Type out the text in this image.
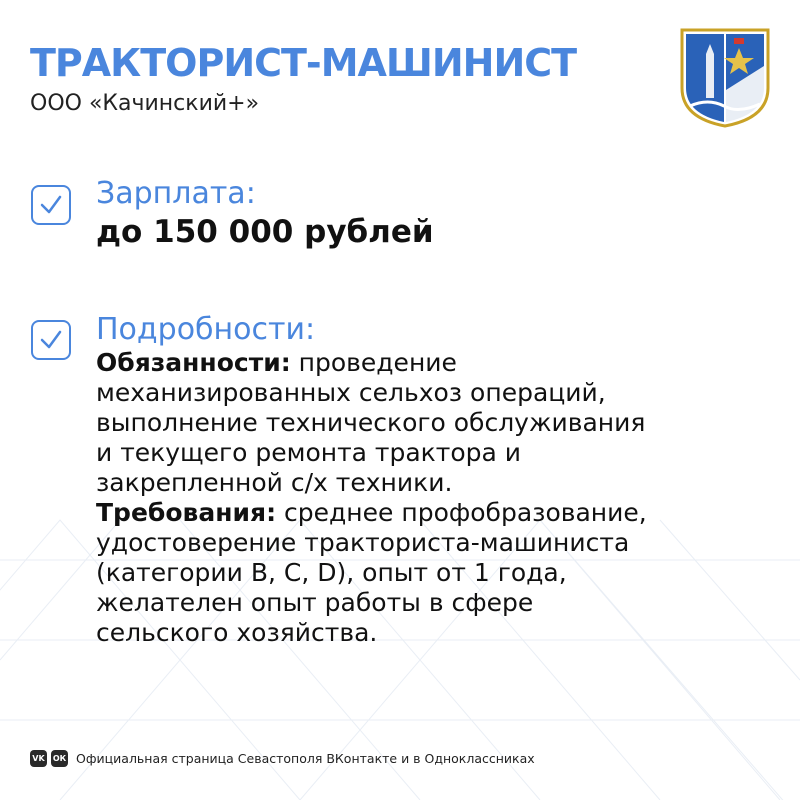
ТРАКТОРИСТ-МАШИНИСТ
ООО «Качинский+»
Зарплата:
до 150 000 рублей
Подробности:
Обязанности: проведение
механизированных сельхоз операций,
выполнение технического обслуживания
и текущего ремонта трактора и
закрепленной с/х техники.
Требования: среднее профобразование,
удостоверение тракториста-машиниста
(категории B, C, D), опыт от 1 года,
желателен опыт работы в сфере
сельского хозяйства.
VK ОК Официальная страница Севастополя ВКонтакте и в Одноклассниках
